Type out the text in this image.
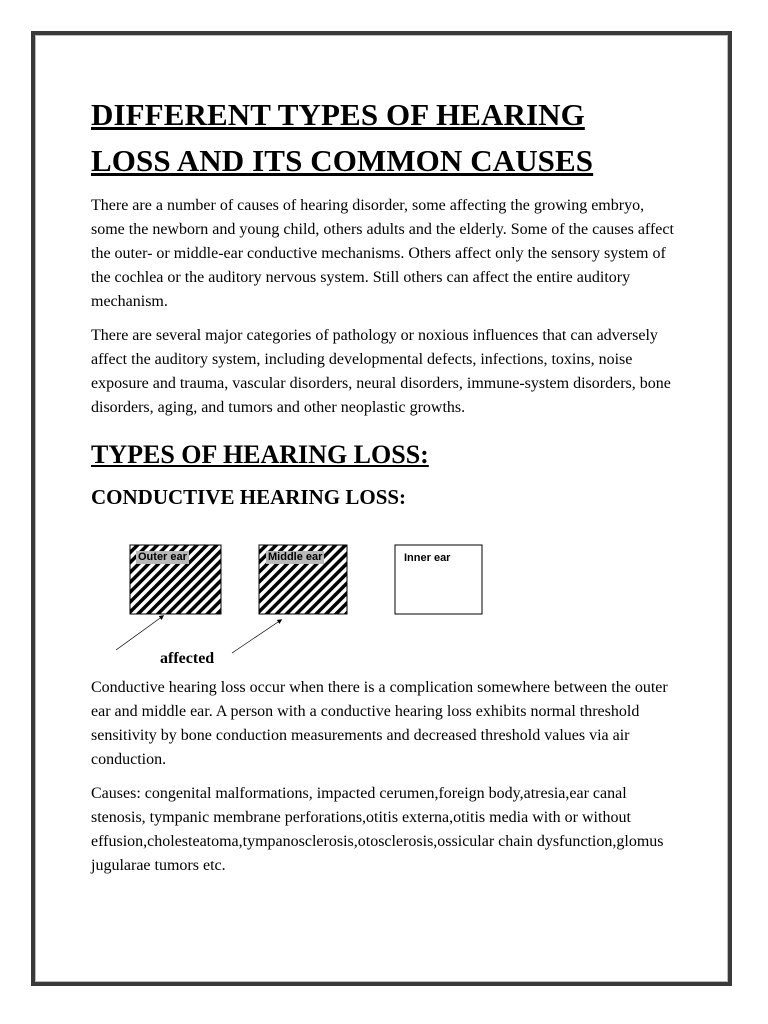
DIFFERENT TYPES OF HEARING
LOSS AND ITS COMMON CAUSES

There are a number of causes of hearing disorder, some affecting the growing embryo, some the newborn and young child, others adults and the elderly. Some of the causes affect the outer- or middle-ear conductive mechanisms. Others affect only the sensory system of the cochlea or the auditory nervous system. Still others can affect the entire auditory mechanism.

There are several major categories of pathology or noxious influences that can adversely affect the auditory system, including developmental defects, infections, toxins, noise exposure and trauma, vascular disorders, neural disorders, immune-system disorders, bone disorders, aging, and tumors and other neoplastic growths.

TYPES OF HEARING LOSS:
CONDUCTIVE HEARING LOSS:
Outer ear	Middle ear	Inner ear
affected

Conductive hearing loss occur when there is a complication somewhere between the outer ear and middle ear. A person with a conductive hearing loss exhibits normal threshold sensitivity by bone conduction measurements and decreased threshold values via air conduction.

Causes: congenital malformations, impacted cerumen,foreign body,atresia,ear canal stenosis, tympanic membrane perforations,otitis externa,otitis media with or without effusion,cholesteatoma,tympanosclerosis,otosclerosis,ossicular chain dysfunction,glomus jugularae tumors etc.
